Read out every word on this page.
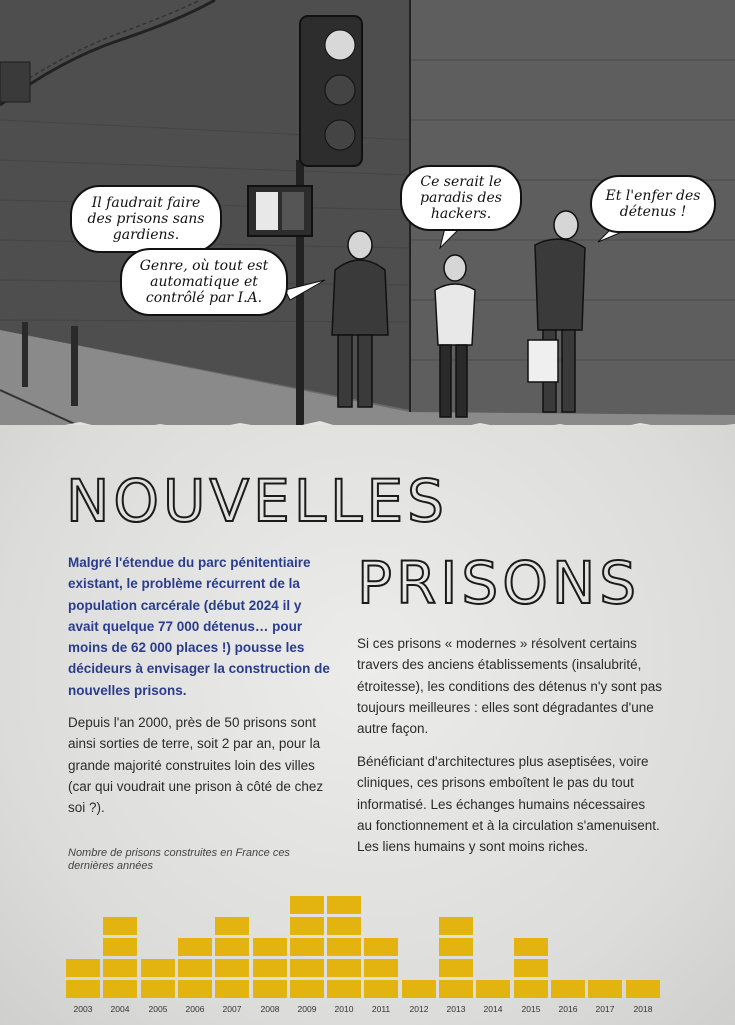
Il faudrait faire des prisons sans gardiens.
Genre, où tout est automatique et contrôlé par I.A.
Ce serait le paradis des hackers.
Et l'enfer des détenus !
NOUVELLES
PRISONS

Malgré l'étendue du parc pénitentiaire existant, le problème récurrent de la population carcérale (début 2024 il y avait quelque 77 000 détenus… pour moins de 62 000 places !) pousse les décideurs à envisager la construction de nouvelles prisons.

Depuis l'an 2000, près de 50 prisons sont ainsi sorties de terre, soit 2 par an, pour la grande majorité construites loin des villes (car qui voudrait une prison à côté de chez soi ?).

Si ces prisons « modernes » résolvent certains travers des anciens établissements (insalubrité, étroitesse), les conditions des détenus n'y sont pas toujours meilleures : elles sont dégradantes d'une autre façon.

Bénéficiant d'architectures plus aseptisées, voire cliniques, ces prisons emboîtent le pas du tout informatisé. Les échanges humains nécessaires au fonctionnement et à la circulation s'amenuisent. Les liens humains y sont moins riches.

Nombre de prisons construites en France ces dernières années

2003	2004	2005	2006	2007	2008	2009	2010	2011	2012	2013	2014	2015	2016	2017	2018
